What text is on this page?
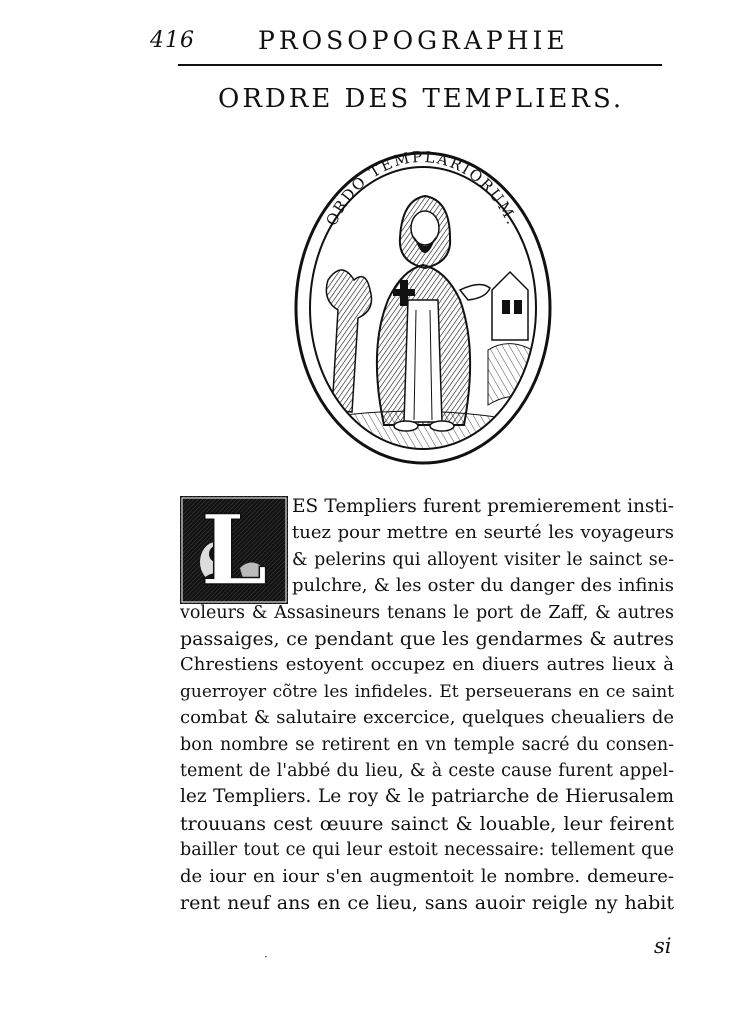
416	PROSOPOGRAPHIE
ORDRE DES TEMPLIERS.
ORDO TEMPLARIORUM.
L ES Templiers furent premierement insti-
tuez pour mettre en seurté les voyageurs
& pelerins qui alloyent visiter le sainct se-
pulchre, & les oster du danger des infinis
voleurs & Assasineurs tenans le port de Zaff, & autres
passaiges, ce pendant que les gendarmes & autres
Chrestiens estoyent occupez en diuers autres lieux à
guerroyer cõtre les infideles. Et perseuerans en ce saint
combat & salutaire excercice, quelques cheualiers de
bon nombre se retirent en vn temple sacré du consen-
tement de l'abbé du lieu, & à ceste cause furent appel-
lez Templiers. Le roy & le patriarche de Hierusalem
trouuans cest œuure sainct & louable, leur feirent
bailler tout ce qui leur estoit necessaire: tellement que
de iour en iour s'en augmentoit le nombre. demeure-
rent neuf ans en ce lieu, sans auoir reigle ny habit
si
·
